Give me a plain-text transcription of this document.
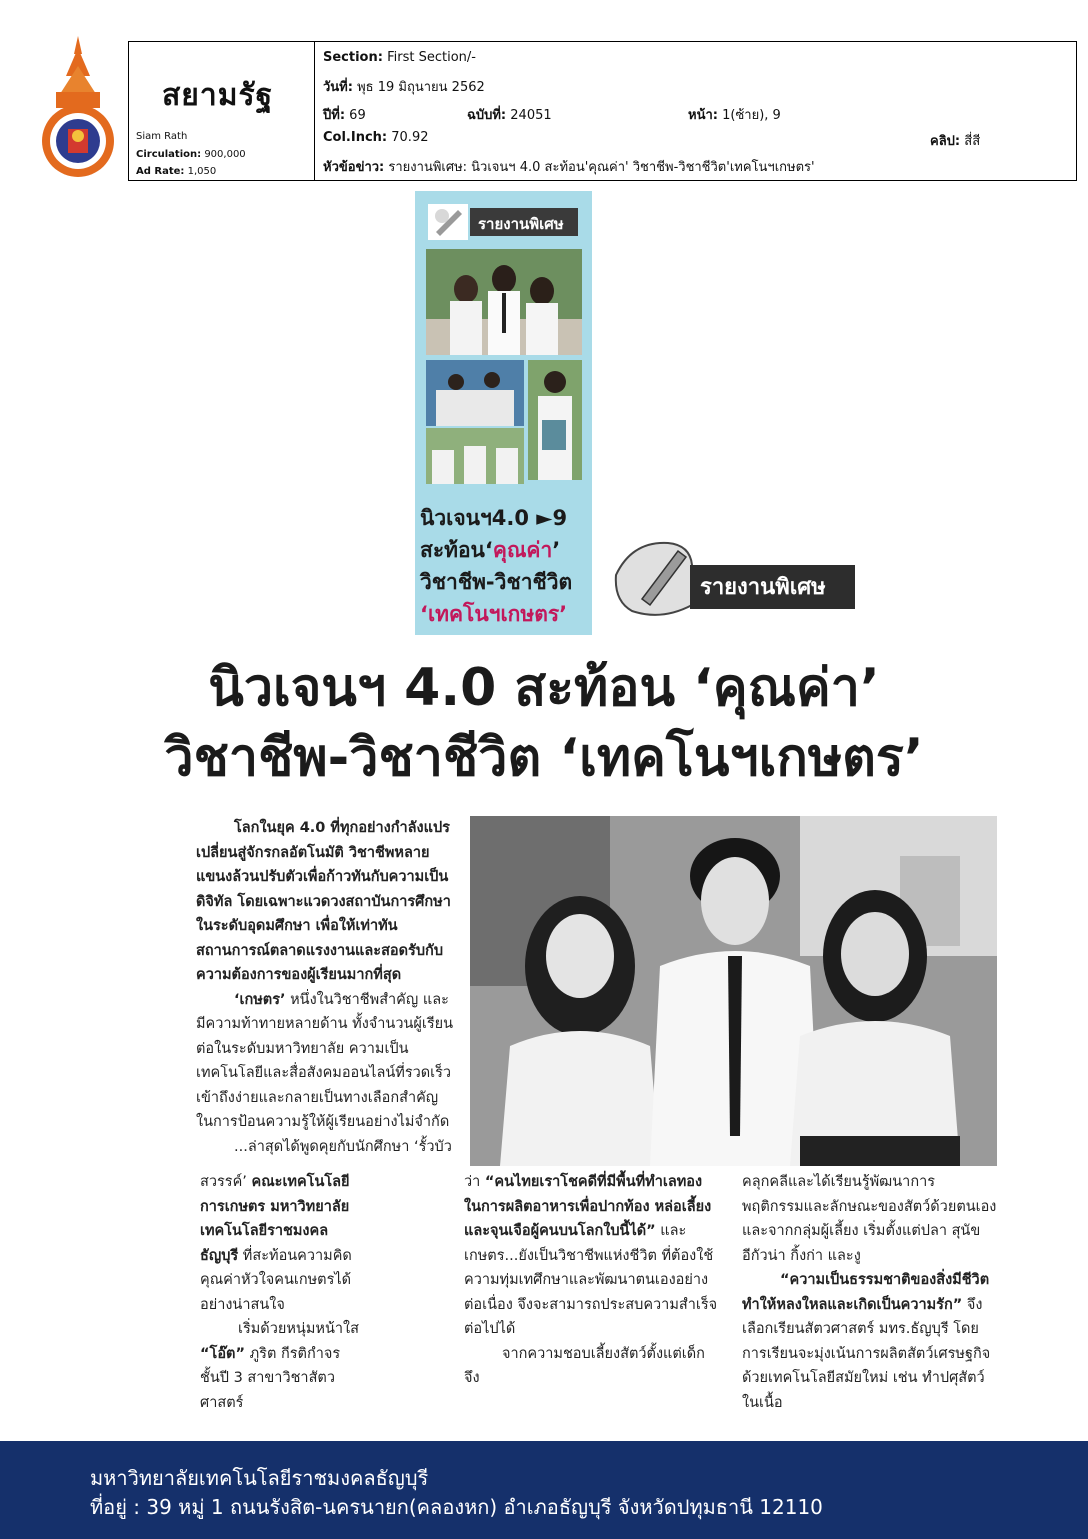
สยามรัฐ
Siam Rath
Circulation: 900,000
Ad Rate: 1,050
Section: First Section/-
วันที่: พุธ 19 มิถุนายน 2562
ปีที่: 69	ฉบับที่: 24051	หน้า: 1(ซ้าย), 9
Col.Inch: 70.92	คลิป: สี่สี
หัวข้อข่าว: รายงานพิเศษ: นิวเจนฯ 4.0 สะท้อน'คุณค่า' วิชาชีพ-วิชาชีวิต'เทคโนฯเกษตร'
รายงานพิเศษ
นิวเจนฯ4.0 ►9
สะท้อน‘คุณค่า’
วิชาชีพ-วิชาชีวิต
‘เทคโนฯเกษตร’
รายงานพิเศษ
นิวเจนฯ 4.0 สะท้อน ‘คุณค่า’
วิชาชีพ-วิชาชีวิต ‘เทคโนฯเกษตร’

โลกในยุค 4.0 ที่ทุกอย่างกำลังแปรเปลี่ยนสู่จักรกลอัตโนมัติ วิชาชีพหลายแขนงล้วนปรับตัวเพื่อก้าวทันกับความเป็นดิจิทัล โดยเฉพาะแวดวงสถาบันการศึกษาในระดับอุดมศึกษา เพื่อให้เท่าทันสถานการณ์ตลาดแรงงานและสอดรับกับความต้องการของผู้เรียนมากที่สุด

‘เกษตร’ หนึ่งในวิชาชีพสำคัญ และมีความท้าทายหลายด้าน ทั้งจำนวนผู้เรียนต่อในระดับมหาวิทยาลัย ความเป็นเทคโนโลยีและสื่อสังคมออนไลน์ที่รวดเร็ว เข้าถึงง่ายและกลายเป็นทางเลือกสำคัญในการป้อนความรู้ให้ผู้เรียนอย่างไม่จำกัด

...ล่าสุดได้พูดคุยกับนักศึกษา ‘รั้วบัว

สวรรค์’ คณะเทคโนโลยีการเกษตร มหาวิทยาลัยเทคโนโลยีราชมงคลธัญบุรี ที่สะท้อนความคิดคุณค่าหัวใจคนเกษตรได้อย่างน่าสนใจ

เริ่มด้วยหนุ่มหน้าใส

“โอ๊ต” ภูริต กีรติกำจร ชั้นปี 3 สาขาวิชาสัตวศาสตร์

ว่า “คนไทยเราโชคดีที่มีพื้นที่ทำเลทอง ในการผลิตอาหารเพื่อปากท้อง หล่อเลี้ยงและจุนเจือผู้คนบนโลกใบนี้ได้” และเกษตร...ยังเป็นวิชาชีพแห่งชีวิต ที่ต้องใช้ความทุ่มเทศึกษาและพัฒนาตนเองอย่างต่อเนื่อง จึงจะสามารถประสบความสำเร็จต่อไปได้

จากความชอบเลี้ยงสัตว์ตั้งแต่เด็ก จึง

คลุกคลีและได้เรียนรู้พัฒนาการ พฤติกรรมและลักษณะของสัตว์ด้วยตนเองและจากกลุ่มผู้เลี้ยง เริ่มตั้งแต่ปลา สุนัข อีกัวน่า กิ้งก่า และงู

“ความเป็นธรรมชาติของสิ่งมีชีวิตทำให้หลงใหลและเกิดเป็นความรัก” จึงเลือกเรียนสัตวศาสตร์ มทร.ธัญบุรี โดยการเรียนจะมุ่งเน้นการผลิตสัตว์เศรษฐกิจด้วยเทคโนโลยีสมัยใหม่ เช่น ทำปศุสัตว์ในเนื้อ

มหาวิทยาลัยเทคโนโลยีราชมงคลธัญบุรี
ที่อยู่ : 39 หมู่ 1 ถนนรังสิต-นครนายก(คลองหก) อำเภอธัญบุรี จังหวัดปทุมธานี 12110
